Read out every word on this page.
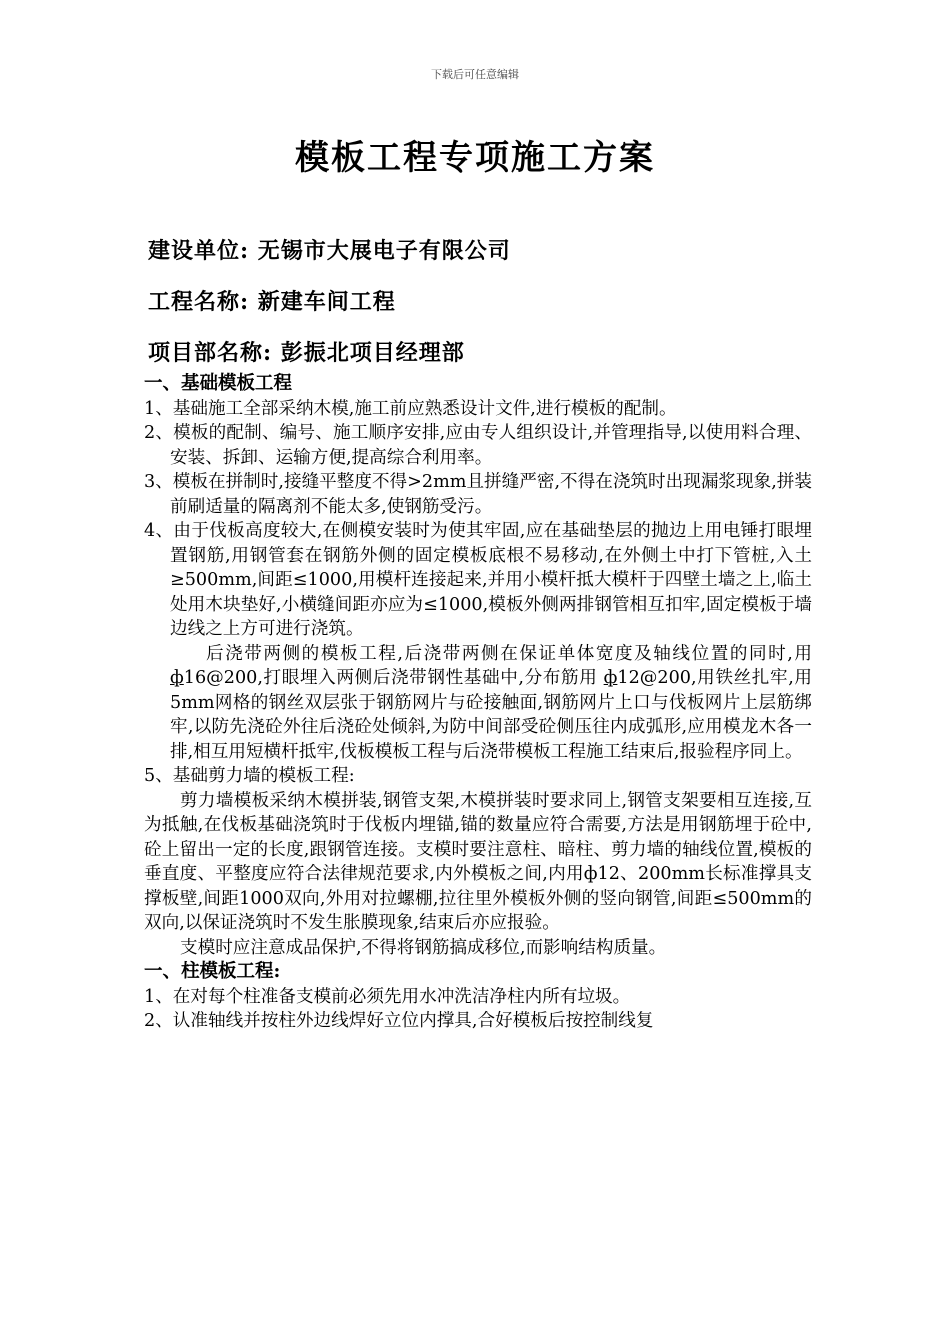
下载后可任意编辑
模板工程专项施工方案
建设单位: 无锡市大展电子有限公司
工程名称: 新建车间工程
项目部名称: 彭振北项目经理部

一、基础模板工程

1、基础施工全部采纳木模,施工前应熟悉设计文件,进行模板的配制。

2、模板的配制、编号、施工顺序安排,应由专人组织设计,并管理指导,以使用料合理、安装、拆卸、运输方便,提高综合利用率。

3、模板在拼制时,接缝平整度不得>2mm且拼缝严密,不得在浇筑时出现漏浆现象,拼装前刷适量的隔离剂不能太多,使钢筋受污。

4、由于伐板高度较大,在侧模安装时为使其牢固,应在基础垫层的抛边上用电锤打眼埋置钢筋,用钢管套在钢筋外侧的固定模板底根不易移动,在外侧土中打下管桩,入土≥500mm,间距≤1000,用模杆连接起来,并用小模杆抵大模杆于四壁土墙之上,临土处用木块垫好,小横缝间距亦应为≤1000,模板外侧两排钢管相互扣牢,固定模板于墙边线之上方可进行浇筑。

后浇带两侧的模板工程,后浇带两侧在保证单体宽度及轴线位置的同时,用 ф16@200,打眼埋入两侧后浇带钢性基础中,分布筋用 ф12@200,用铁丝扎牢,用5mm网格的钢丝双层张于钢筋网片与砼接触面,钢筋网片上口与伐板网片上层筋绑牢,以防先浇砼外往后浇砼处倾斜,为防中间部受砼侧压往内成弧形,应用模龙木各一排,相互用短横杆抵牢,伐板模板工程与后浇带模板工程施工结束后,报验程序同上。

5、基础剪力墙的模板工程:

剪力墙模板采纳木模拼装,钢管支架,木模拼装时要求同上,钢管支架要相互连接,互为抵触,在伐板基础浇筑时于伐板内埋锚,锚的数量应符合需要,方法是用钢筋埋于砼中,砼上留出一定的长度,跟钢管连接。支模时要注意柱、暗柱、剪力墙的轴线位置,模板的垂直度、平整度应符合法律规范要求,内外模板之间,内用ф12、200mm长标准撑具支撑板壁,间距1000双向,外用对拉螺棚,拉往里外模板外侧的竖向钢管,间距≤500mm的双向,以保证浇筑时不发生胀膜现象,结束后亦应报验。

支模时应注意成品保护,不得将钢筋搞成移位,而影响结构质量。

一、柱模板工程:

1、在对每个柱准备支模前必须先用水冲洗洁净柱内所有垃圾。

2、认准轴线并按柱外边线焊好立位内撑具,合好模板后按控制线复
